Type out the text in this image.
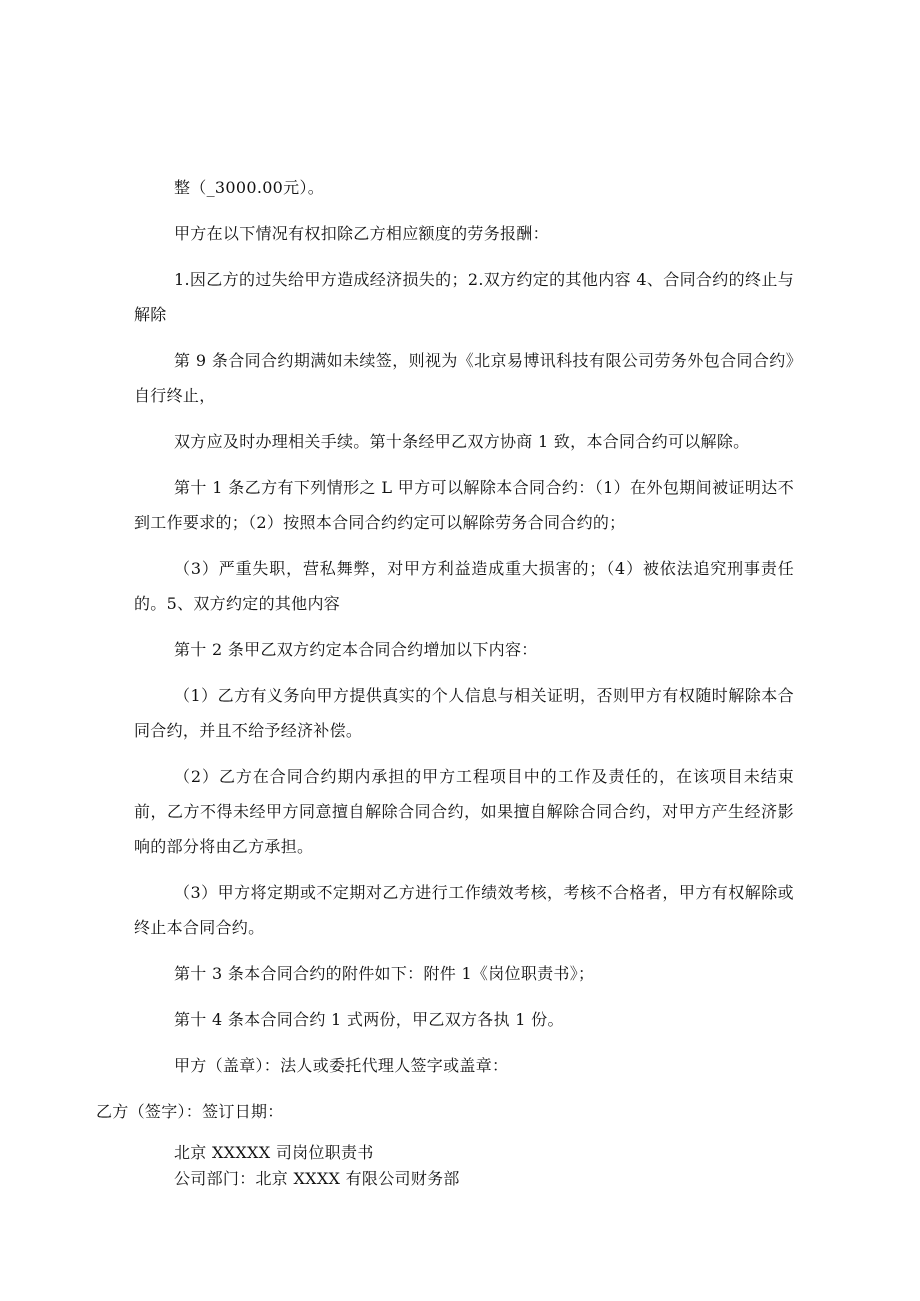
整（_3000.00元）。

甲方在以下情况有权扣除乙方相应额度的劳务报酬：

1.因乙方的过失给甲方造成经济损失的；2.双方约定的其他内容 4、合同合约的终止与解除

第 9 条合同合约期满如未续签，则视为《北京易博讯科技有限公司劳务外包合同合约》自行终止，

双方应及时办理相关手续。第十条经甲乙双方协商 1 致，本合同合约可以解除。

第十 1 条乙方有下列情形之 L 甲方可以解除本合同合约：（1）在外包期间被证明达不到工作要求的；（2）按照本合同合约约定可以解除劳务合同合约的；

（3）严重失职，营私舞弊，对甲方利益造成重大损害的；（4）被依法追究刑事责任的。5、双方约定的其他内容

第十 2 条甲乙双方约定本合同合约增加以下内容：

（1）乙方有义务向甲方提供真实的个人信息与相关证明，否则甲方有权随时解除本合同合约，并且不给予经济补偿。

（2）乙方在合同合约期内承担的甲方工程项目中的工作及责任的，在该项目未结束前，乙方不得未经甲方同意擅自解除合同合约，如果擅自解除合同合约，对甲方产生经济影响的部分将由乙方承担。

（3）甲方将定期或不定期对乙方进行工作绩效考核，考核不合格者，甲方有权解除或终止本合同合约。

第十 3 条本合同合约的附件如下：附件 1《岗位职责书》；

第十 4 条本合同合约 1 式两份，甲乙双方各执 1 份。

甲方（盖章）：法人或委托代理人签字或盖章：

乙方（签字）：签订日期：

北京 XXXXX 司岗位职责书

公司部门：北京 XXXX 有限公司财务部
